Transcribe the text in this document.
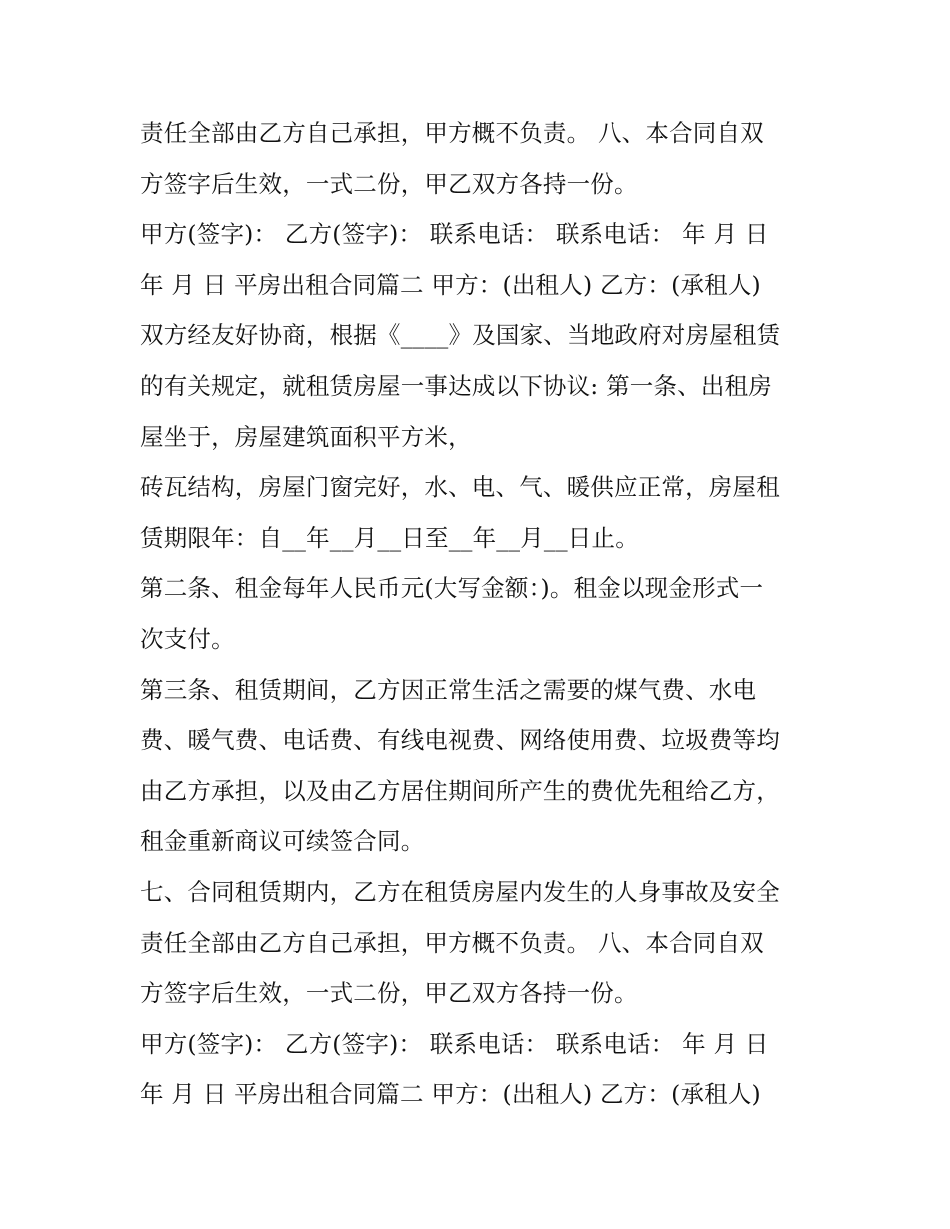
责任全部由乙方自己承担，甲方概不负责。 八、本合同自双
方签字后生效，一式二份，甲乙双方各持一份。
甲方(签字)： 乙方(签字)： 联系电话： 联系电话： 年 月 日
年 月 日 平房出租合同篇二 甲方：(出租人) 乙方：(承租人)
双方经友好协商，根据《____》及国家、当地政府对房屋租赁
的有关规定，就租赁房屋一事达成以下协议: 第一条、出租房
屋坐于，房屋建筑面积平方米，
砖瓦结构，房屋门窗完好，水、电、气、暖供应正常，房屋租
赁期限年：自__年__月__日至__年__月__日止。
第二条、租金每年人民币元(大写金额：)。租金以现金形式一
次支付。
第三条、租赁期间，乙方因正常生活之需要的煤气费、水电
费、暖气费、电话费、有线电视费、网络使用费、垃圾费等均
由乙方承担，以及由乙方居住期间所产生的费优先租给乙方，
租金重新商议可续签合同。
七、合同租赁期内，乙方在租赁房屋内发生的人身事故及安全
责任全部由乙方自己承担，甲方概不负责。 八、本合同自双
方签字后生效，一式二份，甲乙双方各持一份。
甲方(签字)： 乙方(签字)： 联系电话： 联系电话： 年 月 日
年 月 日 平房出租合同篇二 甲方：(出租人) 乙方：(承租人)
